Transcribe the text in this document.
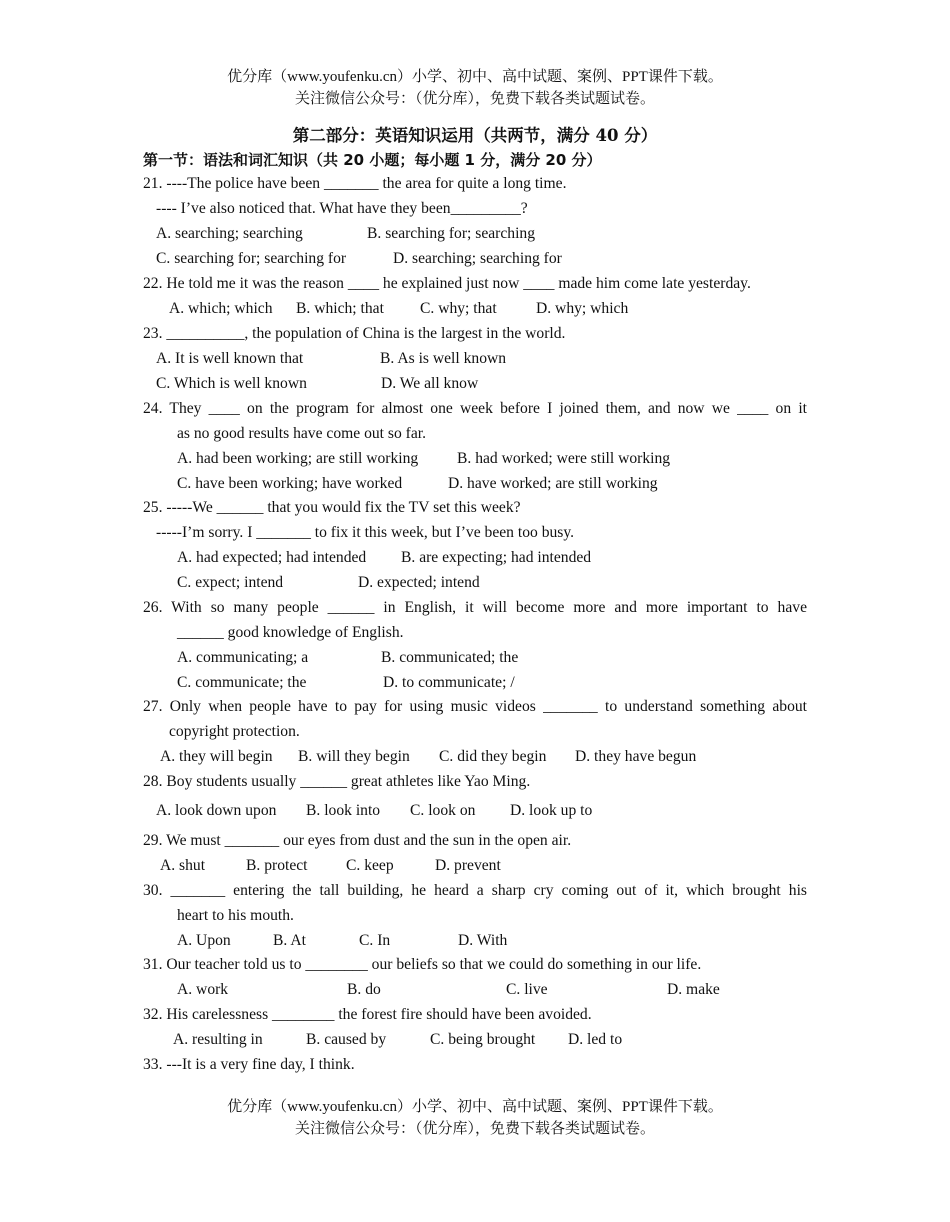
优分库（www.youfenku.cn）小学、初中、高中试题、案例、PPT课件下载。
关注微信公众号：（优分库），免费下载各类试题试卷。
第二部分：英语知识运用（共两节，满分 40 分）
第一节：语法和词汇知识（共 20 小题；每小题 1 分，满分 20 分）
21. ----The police have been _______ the area for quite a long time.
---- I’ve also noticed that. What have they been_________?
A. searching; searching	B. searching for; searching
C. searching for; searching for	D. searching; searching for
22. He told me it was the reason ____ he explained just now ____ made him come late yesterday.
A. which; which B. which; that C. why; that	D. why; which
23. __________, the population of China is the largest in the world.
A. It is well known that	B. As is well known
C. Which is well known	D. We all know
24. They ____ on the program for almost one week before I joined them, and now we ____ on it
as no good results have come out so far.
A. had been working; are still working B. had worked; were still working
C. have been working; have worked	D. have worked; are still working
25. -----We ______ that you would fix the TV set this week?
-----I’m sorry. I _______ to fix it this week, but I’ve been too busy.
A. had expected; had intended B. are expecting; had intended
C. expect; intend	D. expected; intend
26. With so many people ______ in English, it will become more and more important to have
______ good knowledge of English.
A. communicating; a	B. communicated; the
C. communicate; the	D. to communicate; /
27. Only when people have to pay for using music videos _______ to understand something about
copyright protection.
A. they will begin B. will they begin C. did they begin D. they have begun
28. Boy students usually ______ great athletes like Yao Ming.
A. look down upon B. look into C. look on D. look up to
29. We must _______ our eyes from dust and the sun in the open air.
A. shut	B. protect C. keep	D. prevent
30. _______ entering the tall building, he heard a sharp cry coming out of it, which brought his
heart to his mouth.
A. Upon	B. At	C. In	D. With
31. Our teacher told us to ________ our beliefs so that we could do something in our life.
A. work	B. do	C. live	D. make
32. His carelessness ________ the forest fire should have been avoided.
A. resulting in	B. caused by	C. being brought D. led to
33. ---It is a very fine day, I think.
优分库（www.youfenku.cn）小学、初中、高中试题、案例、PPT课件下载。
关注微信公众号：（优分库），免费下载各类试题试卷。
